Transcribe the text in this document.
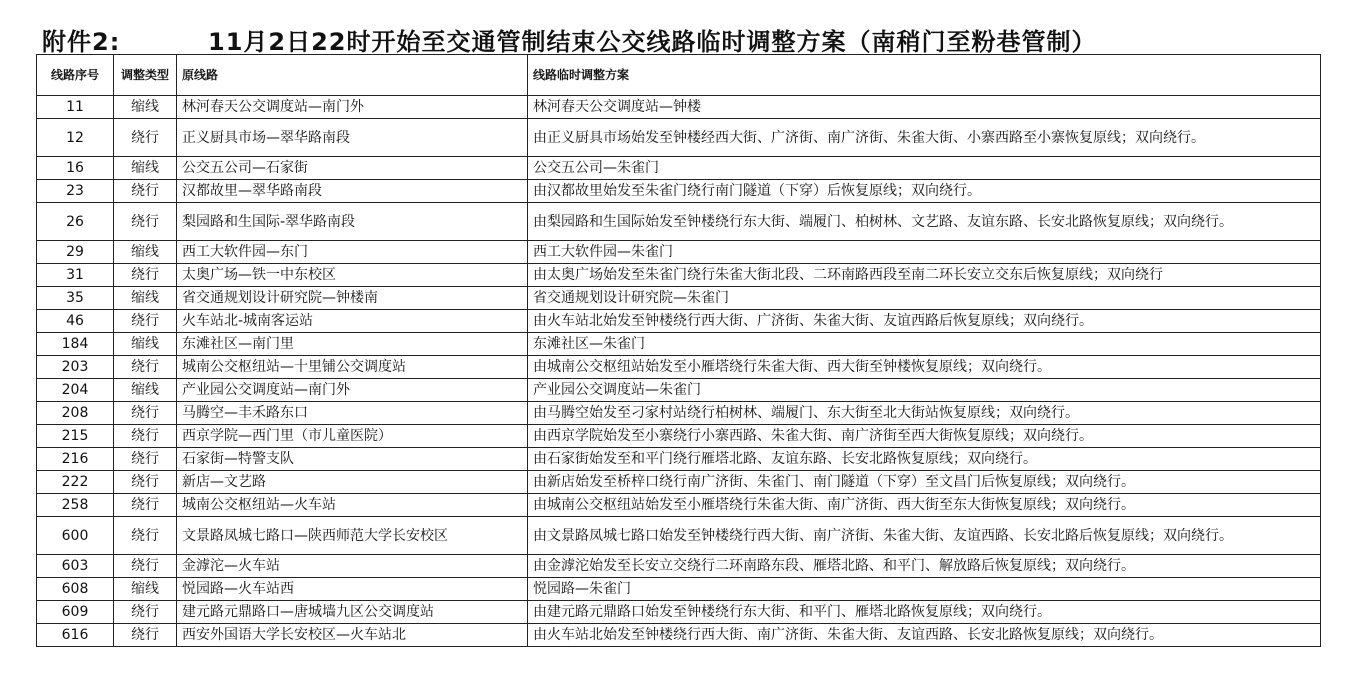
附件2:	11月2日22时开始至交通管制结束公交线路临时调整方案（南稍门至粉巷管制）
线路序号	调整类型	原线路	线路临时调整方案
11	缩线	林河春天公交调度站—南门外	林河春天公交调度站—钟楼
12	绕行	正义厨具市场—翠华路南段	由正义厨具市场始发至钟楼经西大街、广济街、南广济街、朱雀大街、小寨西路至小寨恢复原线；双向绕行。
16	缩线	公交五公司—石家街	公交五公司—朱雀门
23	绕行	汉都故里—翠华路南段	由汉都故里始发至朱雀门绕行南门隧道（下穿）后恢复原线；双向绕行。
26	绕行	梨园路和生国际-翠华路南段	由梨园路和生国际始发至钟楼绕行东大街、端履门、柏树林、文艺路、友谊东路、长安北路恢复原线；双向绕行。
29	缩线	西工大软件园—东门	西工大软件园—朱雀门
31	绕行	太奥广场—铁一中东校区	由太奥广场始发至朱雀门绕行朱雀大街北段、二环南路西段至南二环长安立交东后恢复原线；双向绕行
35	缩线	省交通规划设计研究院—钟楼南	省交通规划设计研究院—朱雀门
46	绕行	火车站北-城南客运站	由火车站北始发至钟楼绕行西大街、广济街、朱雀大街、友谊西路后恢复原线；双向绕行。
184	缩线	东滩社区—南门里	东滩社区—朱雀门
203	绕行	城南公交枢纽站—十里铺公交调度站	由城南公交枢纽站始发至小雁塔绕行朱雀大街、西大街至钟楼恢复原线；双向绕行。
204	缩线	产业园公交调度站—南门外	产业园公交调度站—朱雀门
208	绕行	马腾空—丰禾路东口	由马腾空始发至刁家村站绕行柏树林、端履门、东大街至北大街站恢复原线；双向绕行。
215	绕行	西京学院—西门里（市儿童医院）	由西京学院始发至小寨绕行小寨西路、朱雀大街、南广济街至西大街恢复原线；双向绕行。
216	绕行	石家街—特警支队	由石家街始发至和平门绕行雁塔北路、友谊东路、长安北路恢复原线；双向绕行。
222	绕行	新店—文艺路	由新店始发至桥梓口绕行南广济街、朱雀门、南门隧道（下穿）至文昌门后恢复原线；双向绕行。
258	绕行	城南公交枢纽站—火车站	由城南公交枢纽站始发至小雁塔绕行朱雀大街、南广济街、西大街至东大街恢复原线；双向绕行。
600	绕行	文景路凤城七路口—陕西师范大学长安校区	由文景路凤城七路口始发至钟楼绕行西大街、南广济街、朱雀大街、友谊西路、长安北路后恢复原线；双向绕行。
603	绕行	金滹沱—火车站	由金滹沱始发至长安立交绕行二环南路东段、雁塔北路、和平门、解放路后恢复原线；双向绕行。
608	缩线	悦园路—火车站西	悦园路—朱雀门
609	绕行	建元路元鼎路口—唐城墙九区公交调度站	由建元路元鼎路口始发至钟楼绕行东大街、和平门、雁塔北路恢复原线；双向绕行。
616	绕行	西安外国语大学长安校区—火车站北	由火车站北始发至钟楼绕行西大街、南广济街、朱雀大街、友谊西路、长安北路恢复原线；双向绕行。
